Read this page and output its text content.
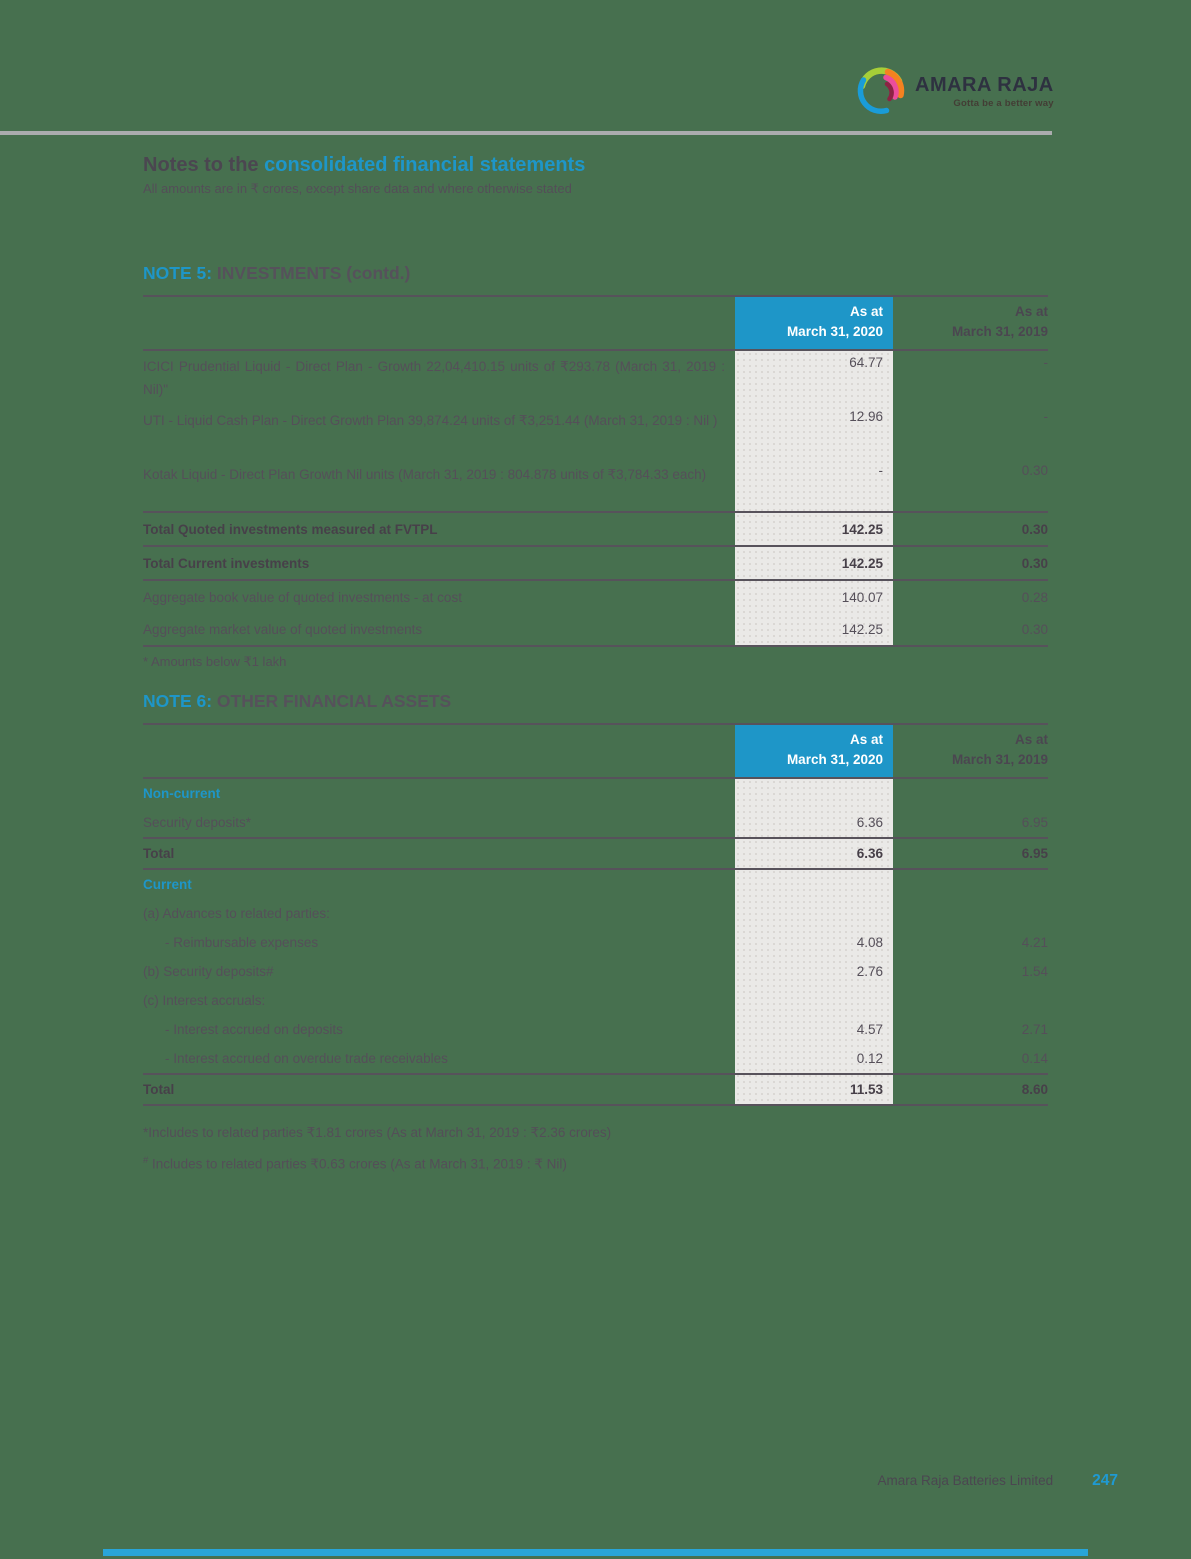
AMARA RAJA
Gotta be a better way
Notes to the consolidated financial statements
All amounts are in ₹ crores, except share data and where otherwise stated
NOTE 5: INVESTMENTS (contd.)
As at
March 31, 2020
As at
March 31, 2019
ICICI Prudential Liquid - Direct Plan - Growth 22,04,410.15 units of ₹293.78 (March 31, 2019 : Nil)"
64.77	-
UTI - Liquid Cash Plan - Direct Growth Plan 39,874.24 units of ₹3,251.44 (March 31, 2019 : Nil )	12.96	-
Kotak Liquid - Direct Plan Growth Nil units (March 31, 2019 : 804.878 units of ₹3,784.33 each)	-	0.30
Total Quoted investments measured at FVTPL	142.25	0.30
Total Current investments	142.25	0.30
Aggregate book value of quoted investments - at cost	140.07	0.28
Aggregate market value of quoted investments	142.25	0.30
* Amounts below ₹1 lakh
NOTE 6: OTHER FINANCIAL ASSETS
As at
March 31, 2020
As at
March 31, 2019
Non-current
Security deposits*	6.36	6.95
Total	6.36	6.95
Current
(a) Advances to related parties:
- Reimbursable expenses	4.08	4.21
(b) Security deposits#	2.76	1.54
(c) Interest accruals:
- Interest accrued on deposits	4.57	2.71
- Interest accrued on overdue trade receivables	0.12	0.14
Total	11.53	8.60
*Includes to related parties ₹1.81 crores (As at March 31, 2019 : ₹2.36 crores)
# Includes to related parties ₹0.63 crores (As at March 31, 2019 : ₹ Nil)
Amara Raja Batteries Limited	247
